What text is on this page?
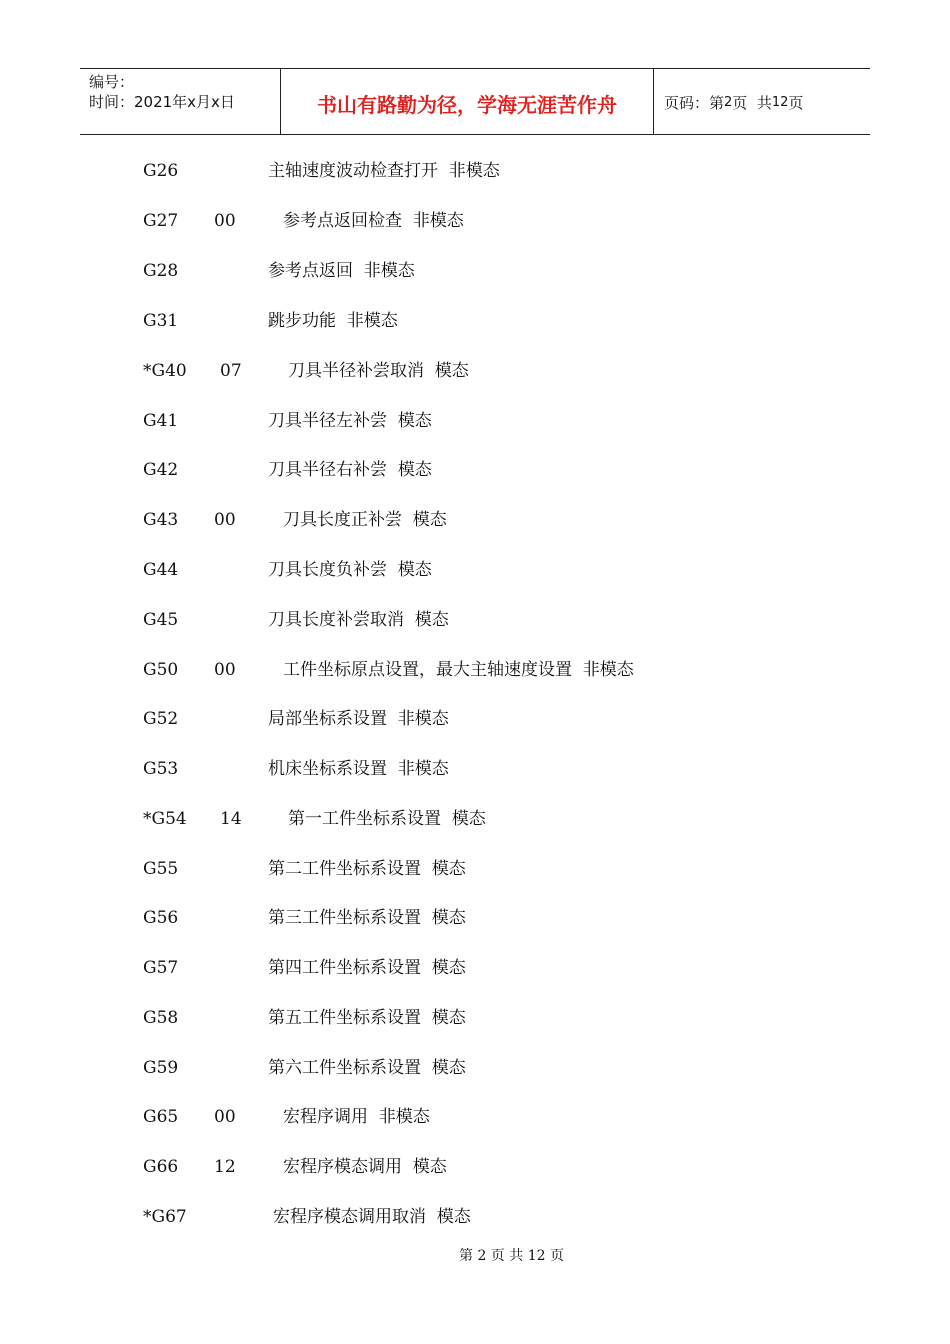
编号：
时间：2021年x月x日	书山有路勤为径，学海无涯苦作舟	页码：第 2 页  共 12 页
G26	主轴速度波动检查打开  非模态
G27 00	参考点返回检查  非模态
G28	参考点返回  非模态
G31	跳步功能  非模态
*G40 07	刀具半径补尝取消  模态
G41	刀具半径左补尝  模态
G42	刀具半径右补尝  模态
G43 00	刀具长度正补尝  模态
G44	刀具长度负补尝  模态
G45	刀具长度补尝取消  模态
G50 00	工件坐标原点设置，最大主轴速度设置  非模态
G52	局部坐标系设置  非模态
G53	机床坐标系设置  非模态
*G54 14	第一工件坐标系设置  模态
G55	第二工件坐标系设置  模态
G56	第三工件坐标系设置  模态
G57	第四工件坐标系设置  模态
G58	第五工件坐标系设置  模态
G59	第六工件坐标系设置  模态
G65 00	宏程序调用  非模态
G66 12	宏程序模态调用  模态
*G67	宏程序模态调用取消  模态
第 2 页 共 12 页
